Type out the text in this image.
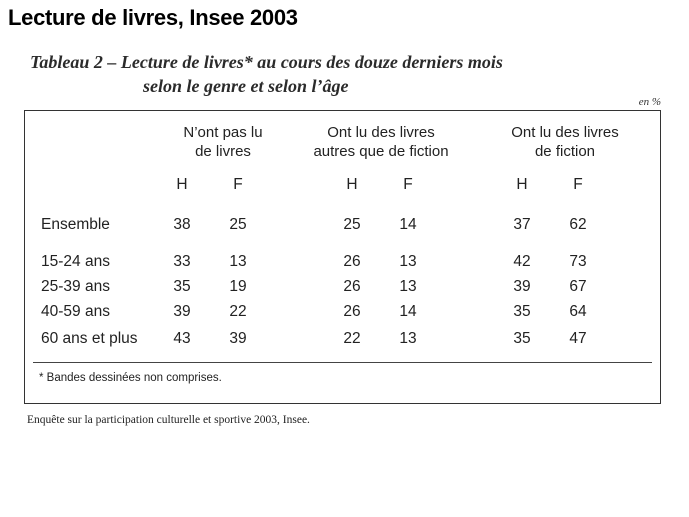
Lecture de livres, Insee 2003
Tableau 2 – Lecture de livres* au cours des douze derniers mois
selon le genre et selon l’âge
en %
N’ont pas lu
de livres
Ont lu des livres
autres que de fiction
Ont lu des livres
de fiction
H	F	H	F	H	F
Ensemble	38	25	25	14	37	62
15-24 ans	33	13	26	13	42	73
25-39 ans	35	19	26	13	39	67
40-59 ans	39	22	26	14	35	64
60 ans et plus	43	39	22	13	35	47
* Bandes dessinées non comprises.
Enquête sur la participation culturelle et sportive 2003, Insee.
